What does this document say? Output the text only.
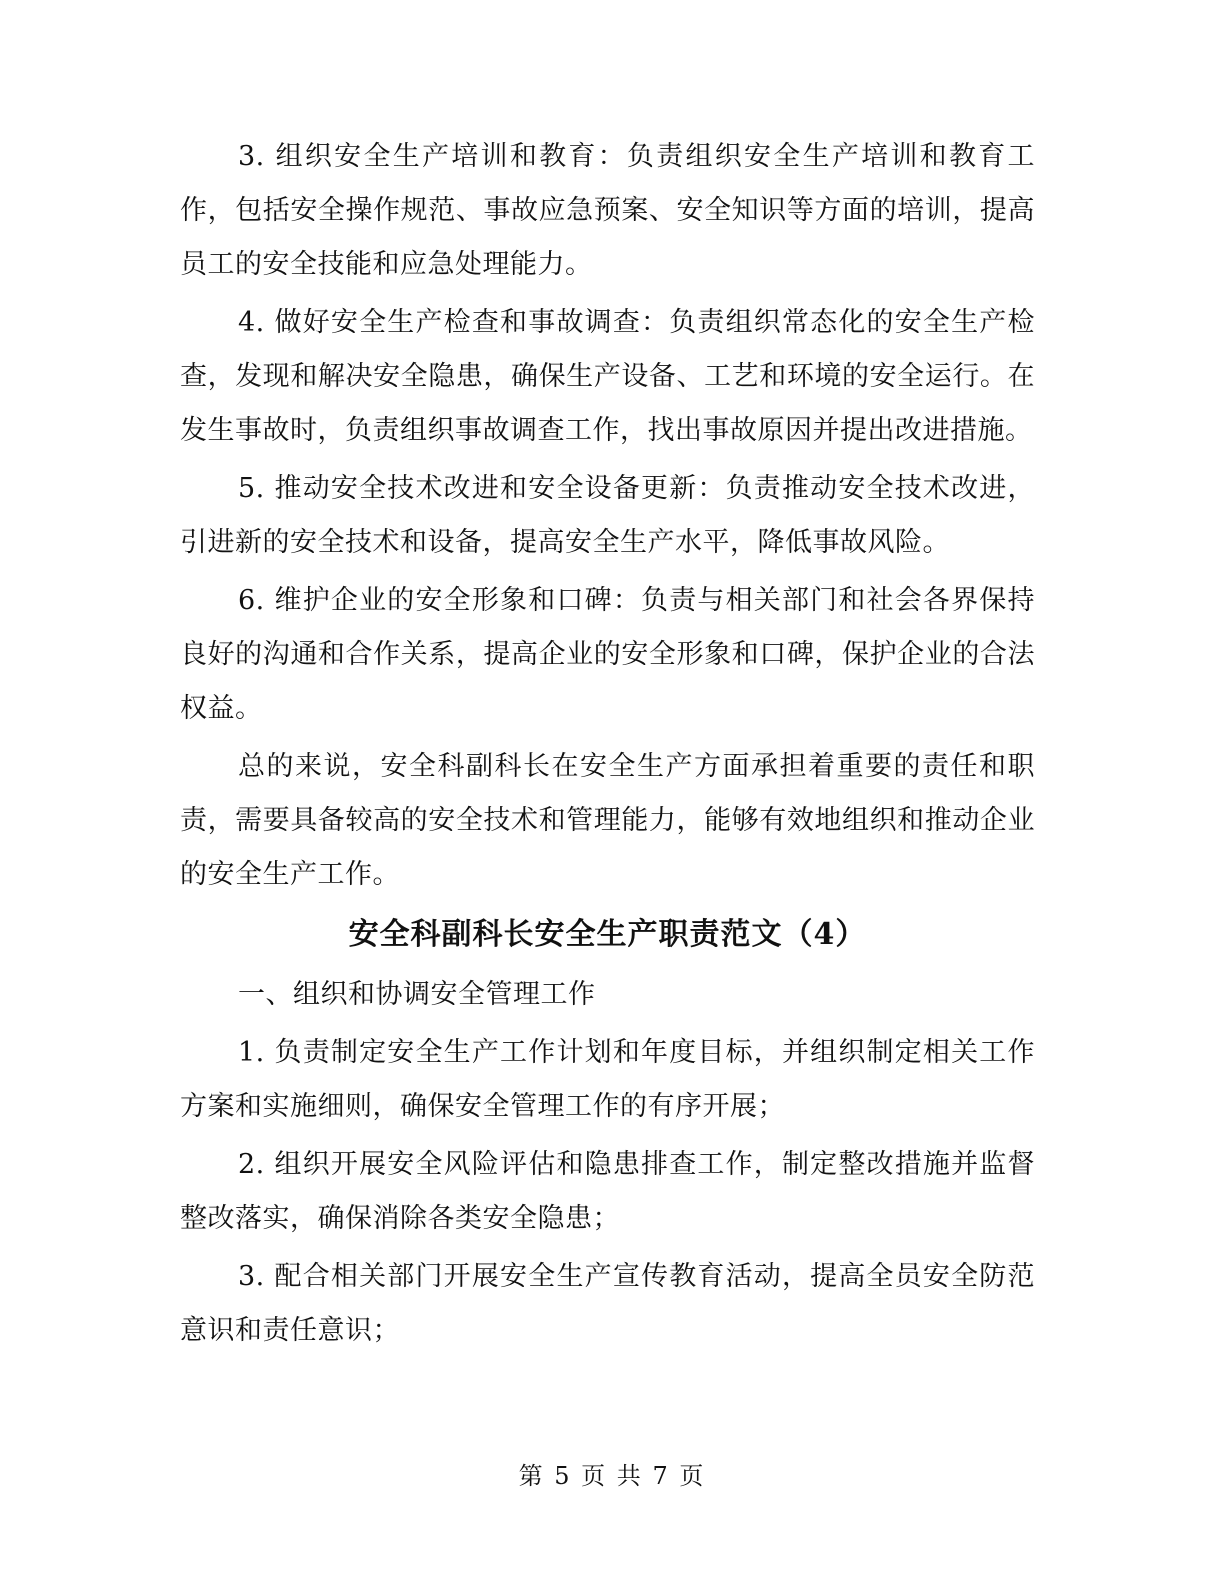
3. 组织安全生产培训和教育：负责组织安全生产培训和教育工作，包括安全操作规范、事故应急预案、安全知识等方面的培训，提高员工的安全技能和应急处理能力。

4. 做好安全生产检查和事故调查：负责组织常态化的安全生产检查，发现和解决安全隐患，确保生产设备、工艺和环境的安全运行。在发生事故时，负责组织事故调查工作，找出事故原因并提出改进措施。

5. 推动安全技术改进和安全设备更新：负责推动安全技术改进，引进新的安全技术和设备，提高安全生产水平，降低事故风险。

6. 维护企业的安全形象和口碑：负责与相关部门和社会各界保持良好的沟通和合作关系，提高企业的安全形象和口碑，保护企业的合法权益。

总的来说，安全科副科长在安全生产方面承担着重要的责任和职责，需要具备较高的安全技术和管理能力，能够有效地组织和推动企业的安全生产工作。

安全科副科长安全生产职责范文（4）

一、组织和协调安全管理工作

1. 负责制定安全生产工作计划和年度目标，并组织制定相关工作方案和实施细则，确保安全管理工作的有序开展；

2. 组织开展安全风险评估和隐患排查工作，制定整改措施并监督整改落实，确保消除各类安全隐患；

3. 配合相关部门开展安全生产宣传教育活动，提高全员安全防范意识和责任意识；

第 5 页 共 7 页
